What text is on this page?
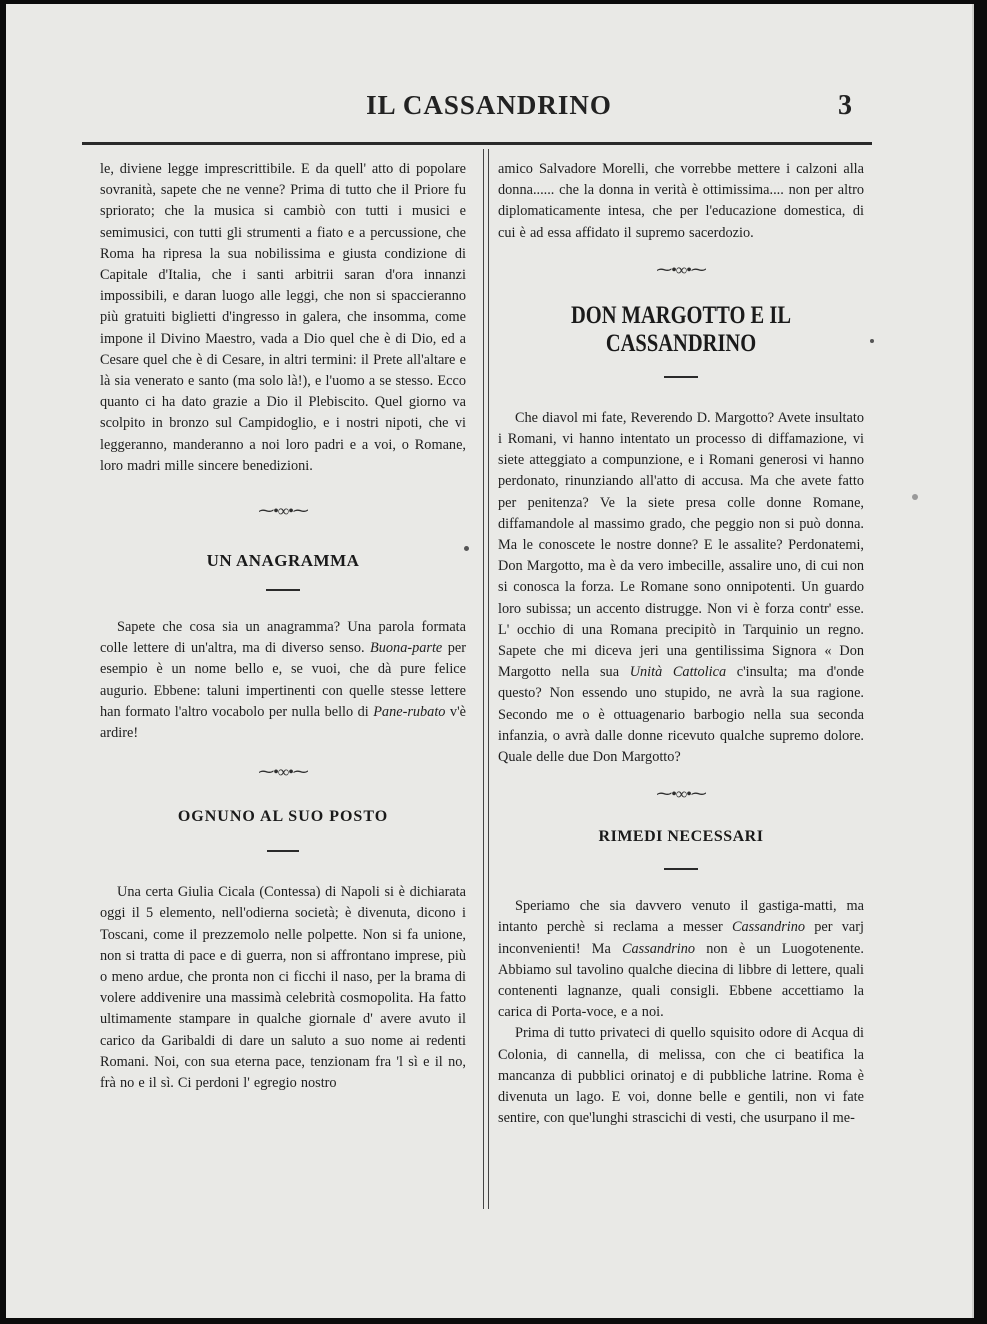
IL CASSANDRINO	3

le, diviene legge imprescrittibile. E da quell' atto di popolare sovranità, sapete che ne venne? Prima di tutto che il Priore fu spriorato; che la musica si cambiò con tutti i musici e semimusici, con tutti gli strumenti a fiato e a percussione, che Roma ha ripresa la sua nobilissima e giusta condizione di Capitale d'Italia, che i santi arbitrii saran d'ora innanzi impossibili, e daran luogo alle leggi, che non si spaccieranno più gratuiti biglietti d'ingresso in galera, che insomma, come impone il Divino Maestro, vada a Dio quel che è di Dio, ed a Cesare quel che è di Cesare, in altri termini: il Prete all'altare e là sia venerato e santo (ma solo là!), e l'uomo a se stesso. Ecco quanto ci ha dato grazie a Dio il Plebiscito. Quel giorno va scolpito in bronzo sul Campidoglio, e i nostri nipoti, che vi leggeranno, manderanno a noi loro padri e a voi, o Romane, loro madri mille sincere benedizioni.

⁓•∞•⁓
UN ANAGRAMMA

Sapete che cosa sia un anagramma? Una parola formata colle lettere di un'altra, ma di diverso senso. Buona-parte per esempio è un nome bello e, se vuoi, che dà pure felice augurio. Ebbene: taluni impertinenti con quelle stesse lettere han formato l'altro vocabolo per nulla bello di Pane-rubato v'è ardire!

⁓•∞•⁓
OGNUNO AL SUO POSTO

Una certa Giulia Cicala (Contessa) di Napoli si è dichiarata oggi il 5 elemento, nell'odierna società; è divenuta, dicono i Toscani, come il prezzemolo nelle polpette. Non si fa unione, non si tratta di pace e di guerra, non si affrontano imprese, più o meno ardue, che pronta non ci ficchi il naso, per la brama di volere addivenire una massimà celebrità cosmopolita. Ha fatto ultimamente stampare in qualche giornale d' avere avuto il carico da Garibaldi di dare un saluto a suo nome ai redenti Romani. Noi, con sua eterna pace, tenzionam fra 'l sì e il no, frà no e il sì. Ci perdoni l' egregio nostro

amico Salvadore Morelli, che vorrebbe mettere i calzoni alla donna...... che la donna in verità è ottimissima.... non per altro diplomaticamente intesa, che per l'educazione domestica, di cui è ad essa affidato il supremo sacerdozio.

⁓•∞•⁓
DON MARGOTTO E IL CASSANDRINO

Che diavol mi fate, Reverendo D. Margotto? Avete insultato i Romani, vi hanno intentato un processo di diffamazione, vi siete atteggiato a compunzione, e i Romani generosi vi hanno perdonato, rinunziando all'atto di accusa. Ma che avete fatto per penitenza? Ve la siete presa colle donne Romane, diffamandole al massimo grado, che peggio non si può donna. Ma le conoscete le nostre donne? E le assalite? Perdonatemi, Don Margotto, ma è da vero imbecille, assalire uno, di cui non si conosca la forza. Le Romane sono onnipotenti. Un guardo loro subissa; un accento distrugge. Non vi è forza contr' esse. L' occhio di una Romana precipitò in Tarquinio un regno. Sapete che mi diceva jeri una gentilissima Signora « Don Margotto nella sua Unità Cattolica c'insulta; ma d'onde questo? Non essendo uno stupido, ne avrà la sua ragione. Secondo me o è ottuagenario barbogio nella sua seconda infanzia, o avrà dalle donne ricevuto qualche supremo dolore. Quale delle due Don Margotto?

⁓•∞•⁓
RIMEDI NECESSARI

Speriamo che sia davvero venuto il gastiga-matti, ma intanto perchè si reclama a messer Cassandrino per varj inconvenienti! Ma Cassandrino non è un Luogotenente. Abbiamo sul tavolino qualche diecina di libbre di lettere, quali contenenti lagnanze, quali consigli. Ebbene accettiamo la carica di Porta-voce, e a noi.

Prima di tutto privateci di quello squisito odore di Acqua di Colonia, di cannella, di melissa, con che ci beatifica la mancanza di pubblici orinatoj e di pubbliche latrine. Roma è divenuta un lago. E voi, donne belle e gentili, non vi fate sentire, con que'lunghi strascichi di vesti, che usurpano il me-
